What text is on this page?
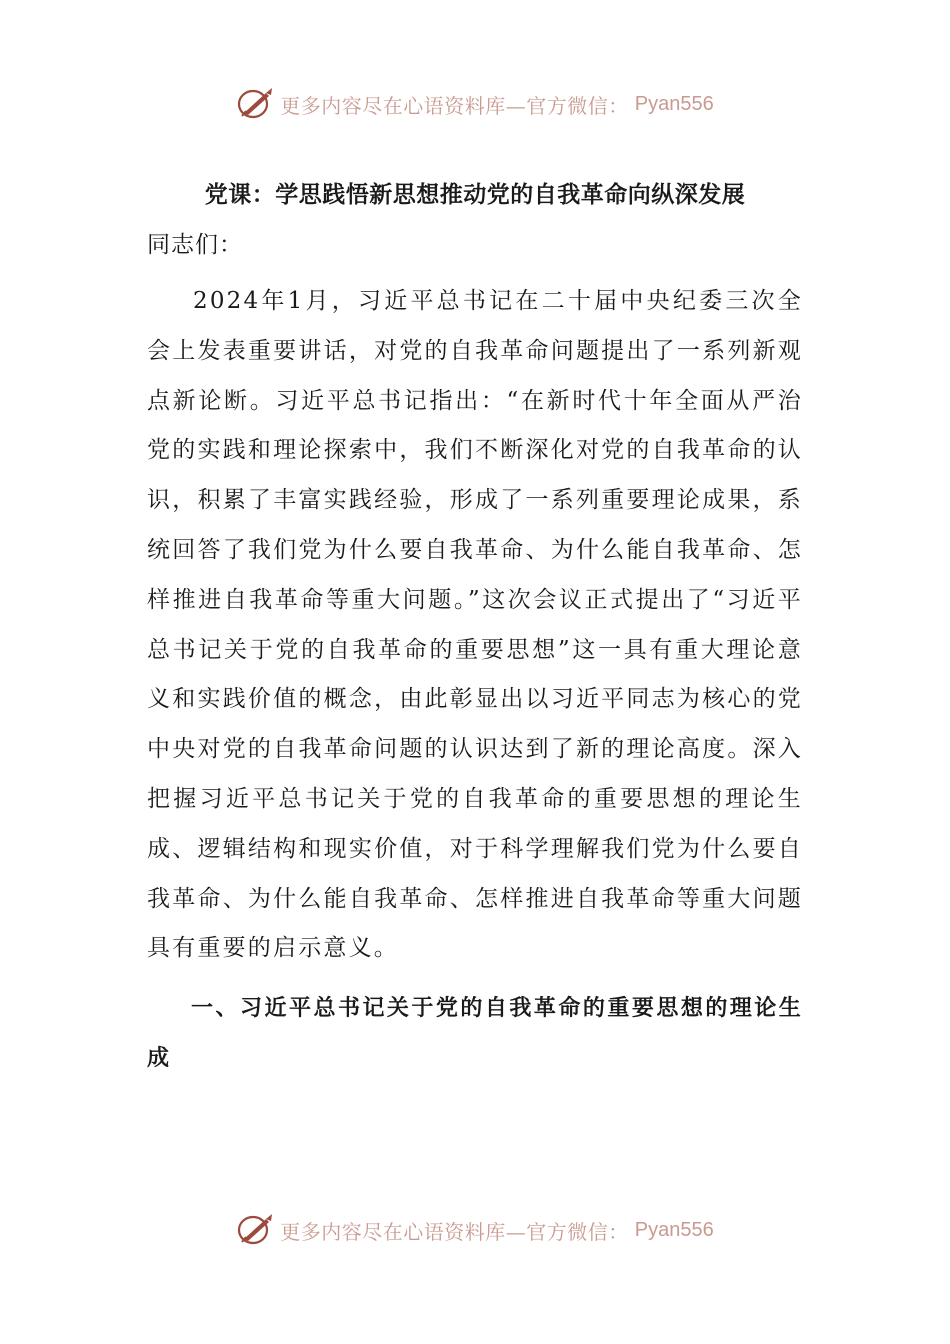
更多内容尽在心语资料库—官方微信： Pyan556
党课：学思践悟新思想推动党的自我革命向纵深发展

同志们：

2024年1月，习近平总书记在二十届中央纪委三次全会上发表重要讲话，对党的自我革命问题提出了一系列新观点新论断。习近平总书记指出：“在新时代十年全面从严治党的实践和理论探索中，我们不断深化对党的自我革命的认识，积累了丰富实践经验，形成了一系列重要理论成果，系统回答了我们党为什么要自我革命、为什么能自我革命、怎样推进自我革命等重大问题。”这次会议正式提出了“习近平总书记关于党的自我革命的重要思想”这一具有重大理论意义和实践价值的概念，由此彰显出以习近平同志为核心的党中央对党的自我革命问题的认识达到了新的理论高度。深入把握习近平总书记关于党的自我革命的重要思想的理论生成、逻辑结构和现实价值，对于科学理解我们党为什么要自我革命、为什么能自我革命、怎样推进自我革命等重大问题具有重要的启示意义。

一、习近平总书记关于党的自我革命的重要思想的理论生成

更多内容尽在心语资料库—官方微信： Pyan556
